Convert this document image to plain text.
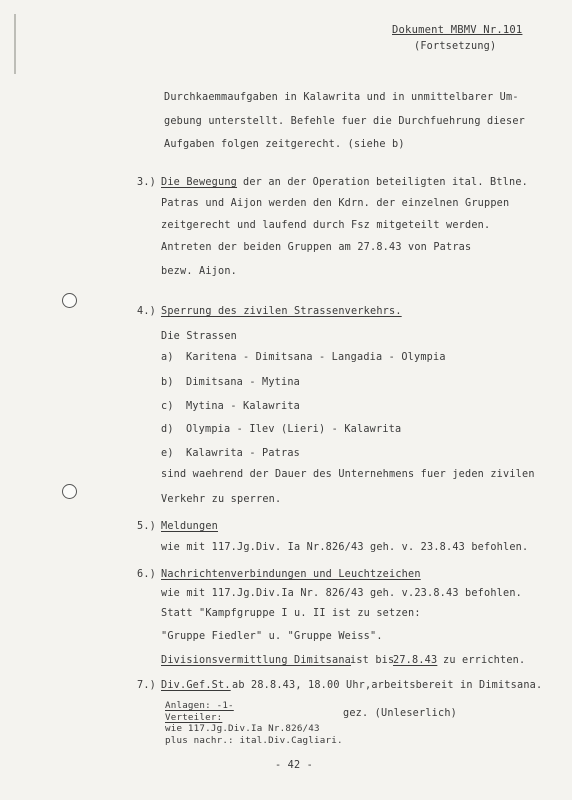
Dokument MBMV Nr.101
(Fortsetzung)
Durchkaemmaufgaben in Kalawrita und in unmittelbarer Um-
gebung unterstellt. Befehle fuer die Durchfuehrung dieser
Aufgaben folgen zeitgerecht. (siehe b)
3.) Die Bewegung der an der Operation beteiligten ital. Btlne.
Patras und Aijon werden den Kdrn. der einzelnen Gruppen
zeitgerecht und laufend durch Fsz mitgeteilt werden.
Antreten der beiden Gruppen am 27.8.43 von Patras
bezw. Aijon.
4.) Sperrung des zivilen Strassenverkehrs.
Die Strassen
a) Karitena - Dimitsana - Langadia - Olympia
b) Dimitsana - Mytina
c) Mytina - Kalawrita
d) Olympia - Ilev (Lieri) - Kalawrita
e) Kalawrita - Patras
sind waehrend der Dauer des Unternehmens fuer jeden zivilen
Verkehr zu sperren.
5.) Meldungen
wie mit 117.Jg.Div. Ia Nr.826/43 geh. v. 23.8.43 befohlen.
6.) Nachrichtenverbindungen und Leuchtzeichen
wie mit 117.Jg.Div.Ia Nr. 826/43 geh. v.23.8.43 befohlen.
Statt "Kampfgruppe I u. II ist zu setzen:
"Gruppe Fiedler" u. "Gruppe Weiss".
Divisionsvermittlung Dimitsana
ist bis
27.8.43 zu errichten.
7.) Div.Gef.St. ab 28.8.43, 18.00 Uhr,arbeitsbereit in Dimitsana.
Anlagen: -1-
Verteiler:
wie 117.Jg.Div.Ia Nr.826/43
plus nachr.: ital.Div.Cagliari.
gez. (Unleserlich)
- 42 -
